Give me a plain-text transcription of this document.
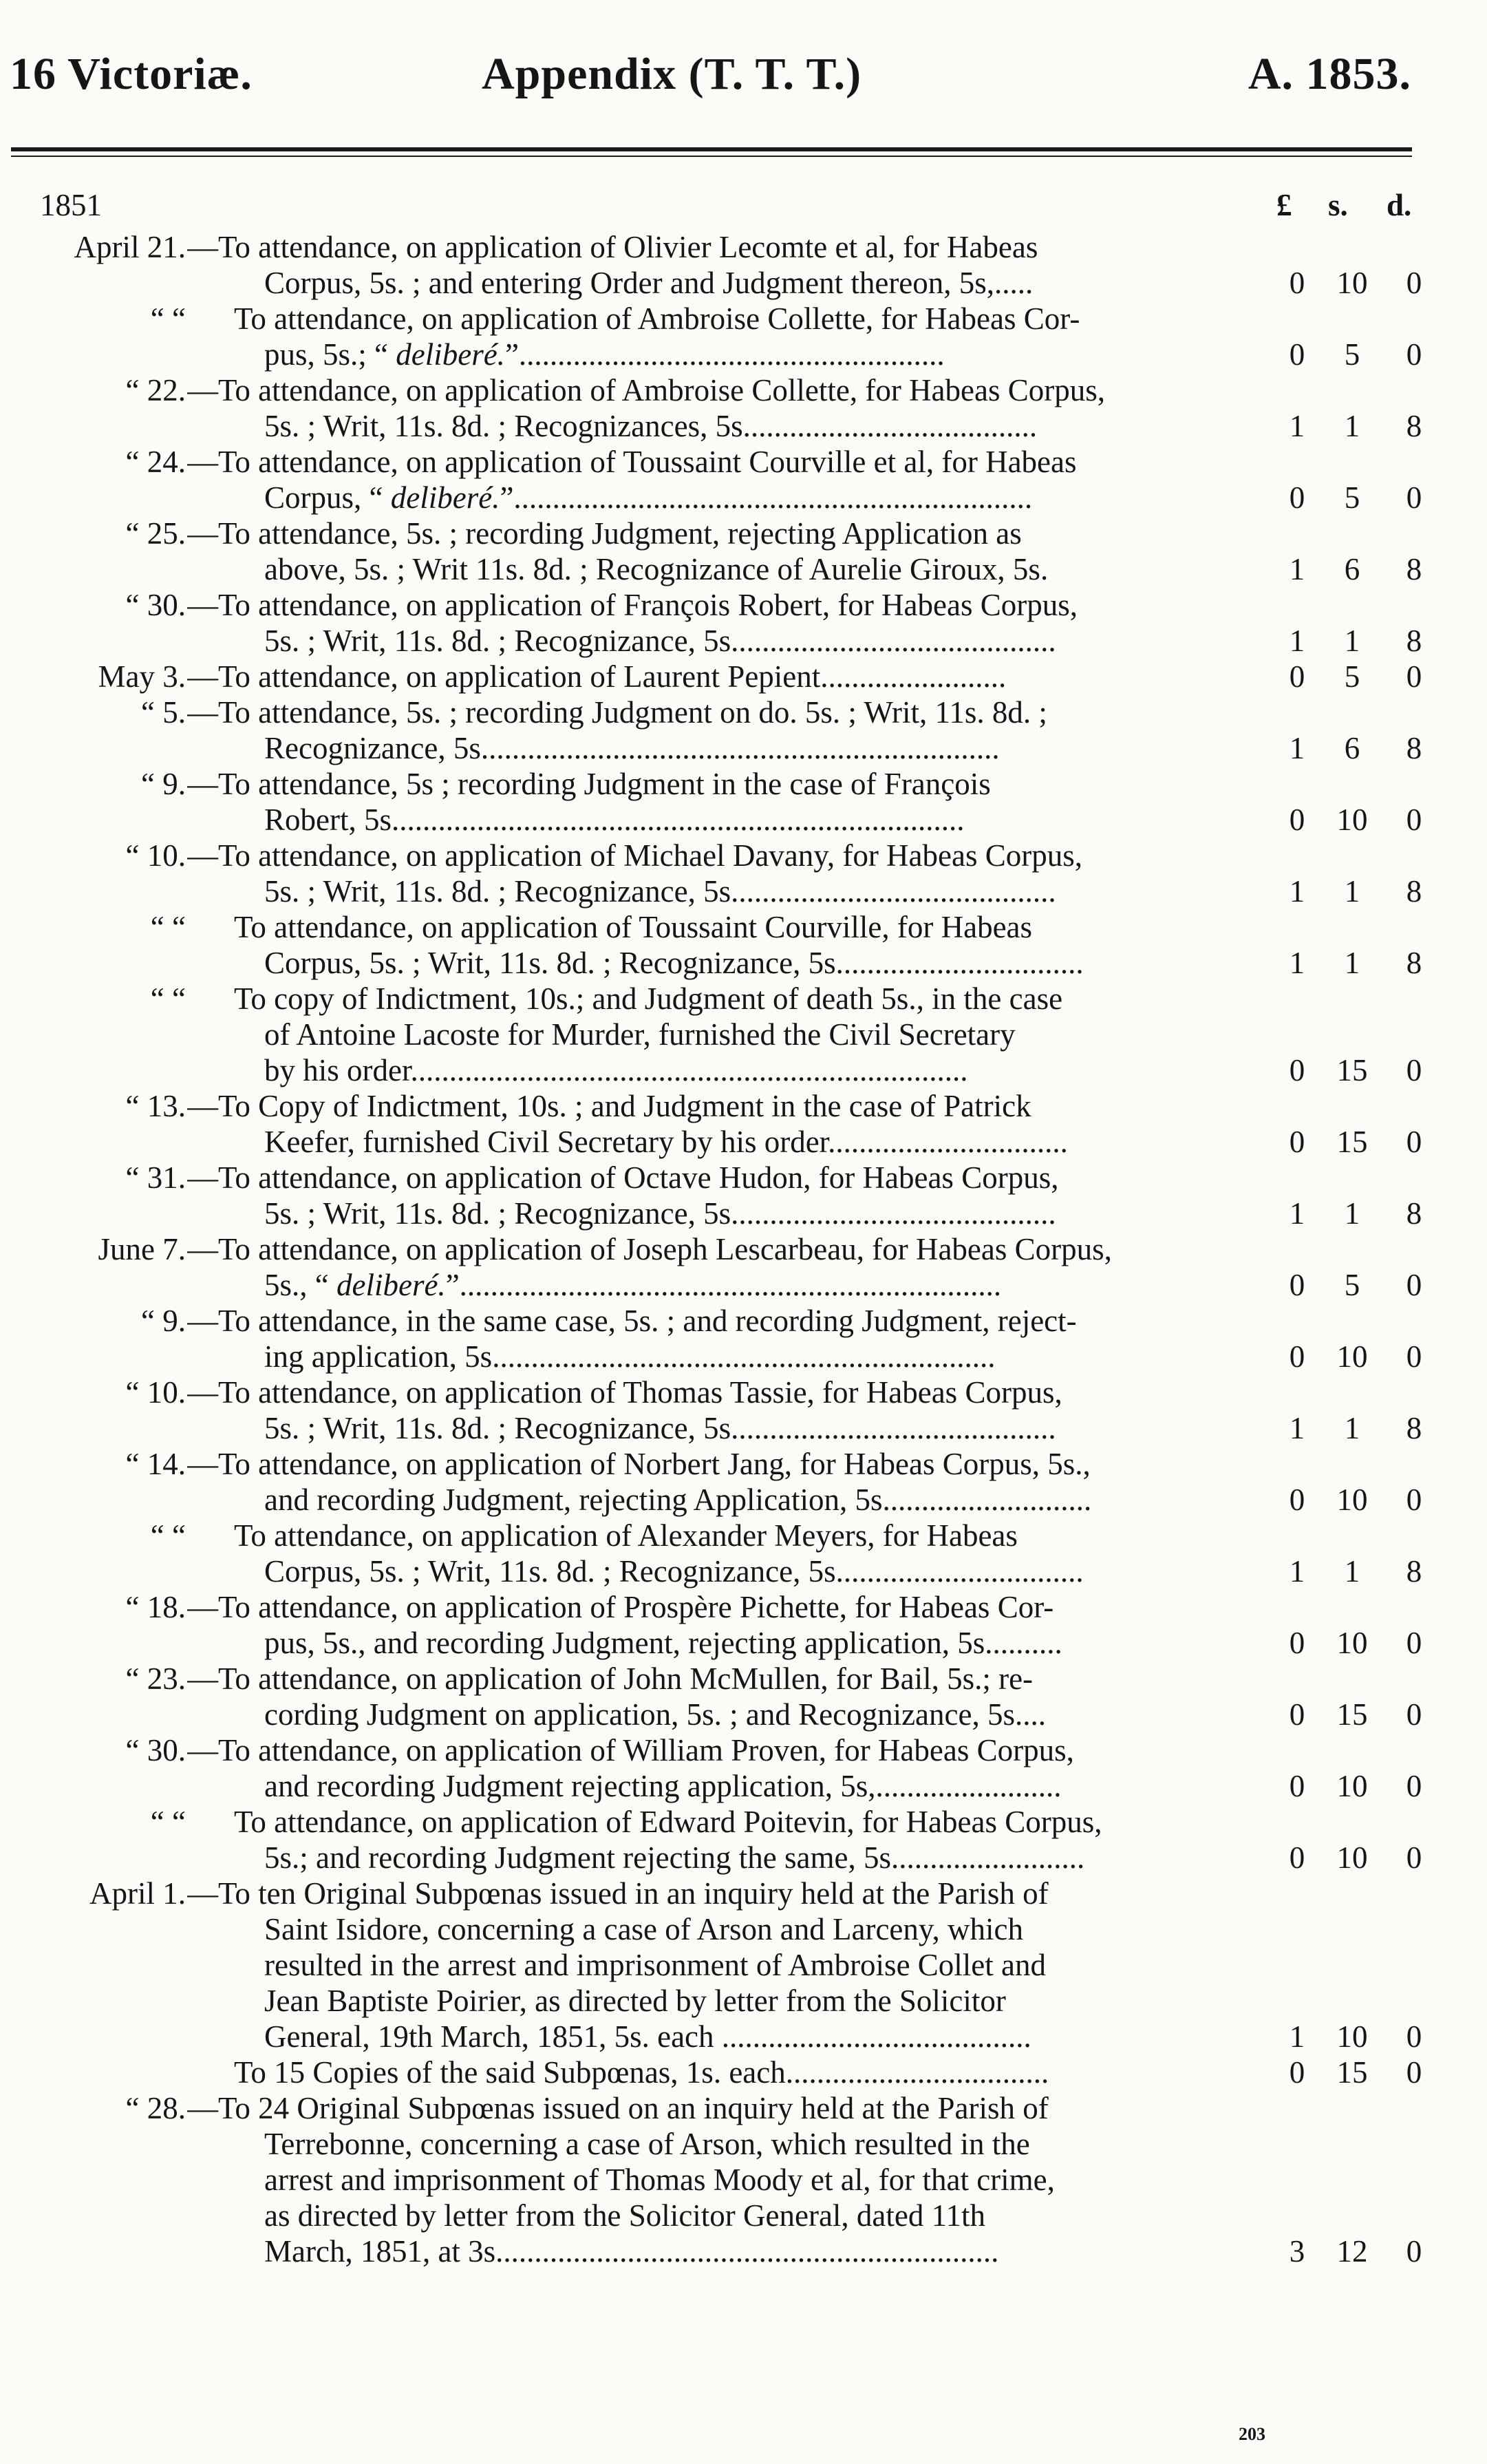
16 Victoriæ.	Appendix (T. T. T.)	A. 1853.
1851	£ s. d.
April 21. —To attendance, on application of Olivier Lecomte et al, for Habeas
Corpus, 5s. ; and entering Order and Judgment thereon, 5s,.....	0	10	0
“ “ To attendance, on application of Ambroise Collette, for Habeas Cor-
pus, 5s.; “ deliberé.”.......................................................	0	5	0
“ 22. —To attendance, on application of Ambroise Collette, for Habeas Corpus,
5s. ; Writ, 11s. 8d. ; Recognizances, 5s......................................	1	1	8
“ 24. —To attendance, on application of Toussaint Courville et al, for Habeas
Corpus, “ deliberé.”...................................................................	0	5	0
“ 25. —To attendance, 5s. ; recording Judgment, rejecting Application as
above, 5s. ; Writ 11s. 8d. ; Recognizance of Aurelie Giroux, 5s.	1	6	8
“ 30. —To attendance, on application of François Robert, for Habeas Corpus,
5s. ; Writ, 11s. 8d. ; Recognizance, 5s..........................................	1	1	8
May 3. —To attendance, on application of Laurent Pepient........................	0	5	0
“ 5. —To attendance, 5s. ; recording Judgment on do. 5s. ; Writ, 11s. 8d. ;
Recognizance, 5s...................................................................	1	6	8
“ 9. —To attendance, 5s ; recording Judgment in the case of François
Robert, 5s..........................................................................	0	10	0
“ 10. —To attendance, on application of Michael Davany, for Habeas Corpus,
5s. ; Writ, 11s. 8d. ; Recognizance, 5s..........................................	1	1	8
“ “ To attendance, on application of Toussaint Courville, for Habeas
Corpus, 5s. ; Writ, 11s. 8d. ; Recognizance, 5s................................	1	1	8
“ “ To copy of Indictment, 10s.; and Judgment of death 5s., in the case
of Antoine Lacoste for Murder, furnished the Civil Secretary
by his order........................................................................	0	15	0
“ 13. —To Copy of Indictment, 10s. ; and Judgment in the case of Patrick
Keefer, furnished Civil Secretary by his order...............................	0	15	0
“ 31. —To attendance, on application of Octave Hudon, for Habeas Corpus,
5s. ; Writ, 11s. 8d. ; Recognizance, 5s..........................................	1	1	8
June 7. —To attendance, on application of Joseph Lescarbeau, for Habeas Corpus,
5s., “ deliberé.”......................................................................	0	5	0
“ 9. —To attendance, in the same case, 5s. ; and recording Judgment, reject-
ing application, 5s.................................................................	0	10	0
“ 10. —To attendance, on application of Thomas Tassie, for Habeas Corpus,
5s. ; Writ, 11s. 8d. ; Recognizance, 5s..........................................	1	1	8
“ 14. —To attendance, on application of Norbert Jang, for Habeas Corpus, 5s.,
and recording Judgment, rejecting Application, 5s...........................	0	10	0
“ “ To attendance, on application of Alexander Meyers, for Habeas
Corpus, 5s. ; Writ, 11s. 8d. ; Recognizance, 5s................................	1	1	8
“ 18. —To attendance, on application of Prospère Pichette, for Habeas Cor-
pus, 5s., and recording Judgment, rejecting application, 5s..........	0	10	0
“ 23. —To attendance, on application of John McMullen, for Bail, 5s.; re-
cording Judgment on application, 5s. ; and Recognizance, 5s....	0	15	0
“ 30. —To attendance, on application of William Proven, for Habeas Corpus,
and recording Judgment rejecting application, 5s,........................	0	10	0
“ “ To attendance, on application of Edward Poitevin, for Habeas Corpus,
5s.; and recording Judgment rejecting the same, 5s.........................	0	10	0
April 1. —To ten Original Subpœnas issued in an inquiry held at the Parish of
Saint Isidore, concerning a case of Arson and Larceny, which
resulted in the arrest and imprisonment of Ambroise Collet and
Jean Baptiste Poirier, as directed by letter from the Solicitor
General, 19th March, 1851, 5s. each ........................................	1	10	0
To 15 Copies of the said Subpœnas, 1s. each..................................	0	15	0
“ 28. —To 24 Original Subpœnas issued on an inquiry held at the Parish of
Terrebonne, concerning a case of Arson, which resulted in the
arrest and imprisonment of Thomas Moody et al, for that crime,
as directed by letter from the Solicitor General, dated 11th
March, 1851, at 3s.................................................................	3	12	0
203
